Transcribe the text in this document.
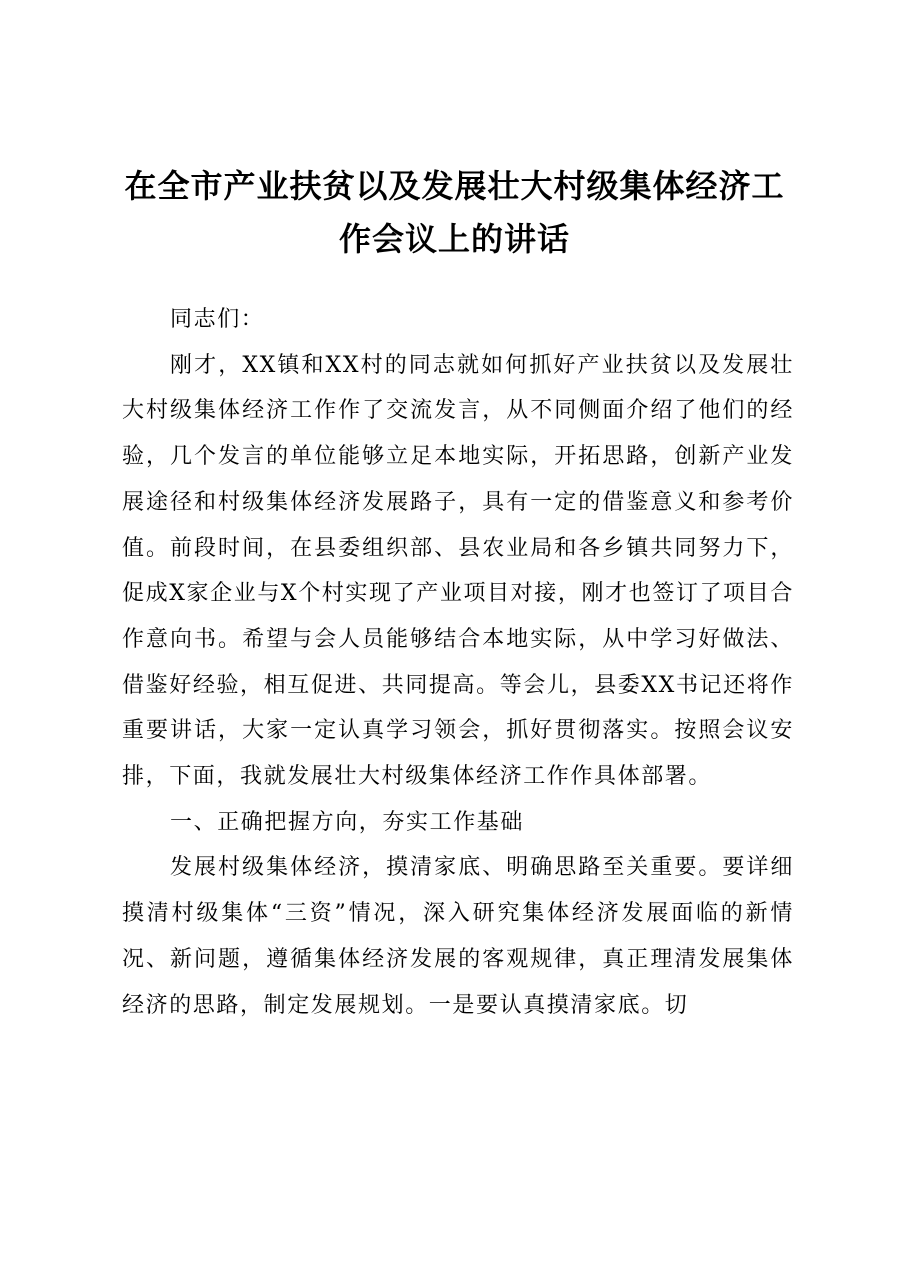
在全市产业扶贫以及发展壮大村级集体经济工
作会议上的讲话

同志们：

刚才，XX镇和XX村的同志就如何抓好产业扶贫以及发展壮大村级集体经济工作作了交流发言，从不同侧面介绍了他们的经验，几个发言的单位能够立足本地实际，开拓思路，创新产业发展途径和村级集体经济发展路子，具有一定的借鉴意义和参考价值。前段时间，在县委组织部、县农业局和各乡镇共同努力下，促成X家企业与X个村实现了产业项目对接，刚才也签订了项目合作意向书。希望与会人员能够结合本地实际，从中学习好做法、借鉴好经验，相互促进、共同提高。等会儿，县委XX书记还将作重要讲话，大家一定认真学习领会，抓好贯彻落实。按照会议安排，下面，我就发展壮大村级集体经济工作作具体部署。

一、正确把握方向，夯实工作基础

发展村级集体经济，摸清家底、明确思路至关重要。要详细摸清村级集体“三资”情况，深入研究集体经济发展面临的新情况、新问题，遵循集体经济发展的客观规律，真正理清发展集体经济的思路，制定发展规划。一是要认真摸清家底。切
